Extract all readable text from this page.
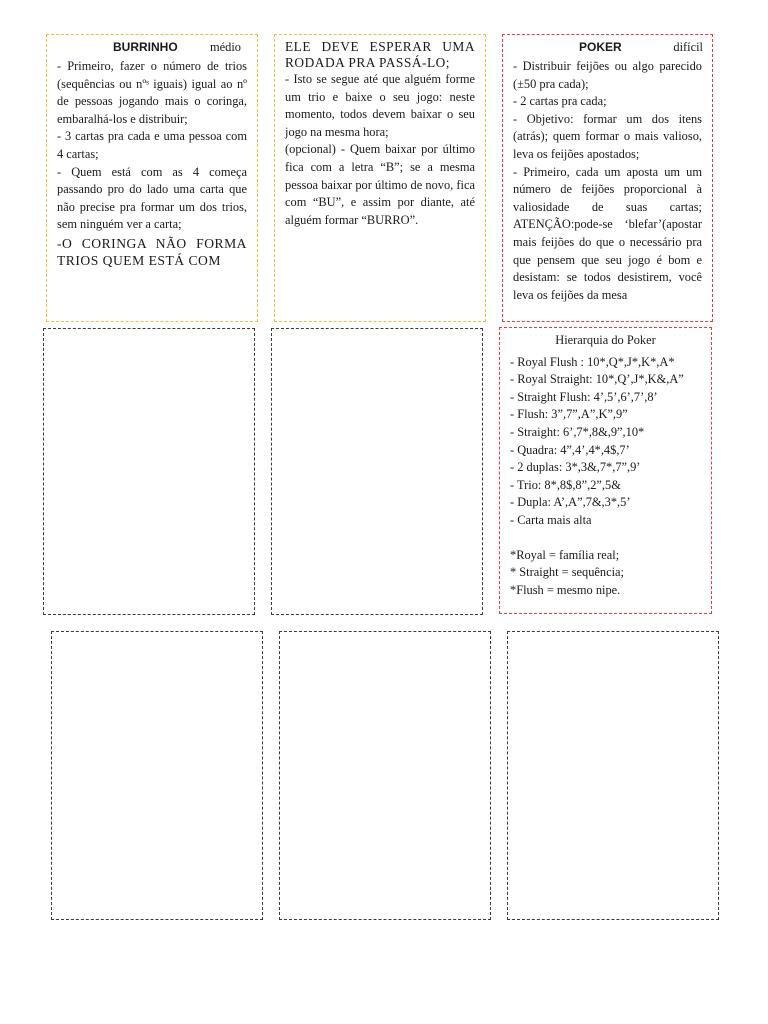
BURRINHO	médio

- Primeiro, fazer o número de trios (sequências ou nºˢ iguais) igual ao nº de pessoas jogando mais o coringa, embaralhá-los e distribuir;

- 3 cartas pra cada e uma pessoa com 4 cartas;

- Quem está com as 4 começa passando pro do lado uma carta que não precise pra formar um dos trios, sem ninguém ver a carta;

-O CORINGA NÃO FORMA TRIOS QUEM ESTÁ COM

ELE DEVE ESPERAR UMA RODADA PRA PASSÁ-LO;

- Isto se segue até que alguém forme um trio e baixe o seu jogo: neste momento, todos devem baixar o seu jogo na mesma hora;

(opcional) - Quem baixar por último fica com a letra “B”; se a mesma pessoa baixar por último de novo, fica com “BU”, e assim por diante, até alguém formar “BURRO”.

POKER	difícil

- Distribuir feijões ou algo parecido (±50 pra cada);

- 2 cartas pra cada;

- Objetivo: formar um dos itens (atrás); quem formar o mais valioso, leva os feijões apostados;

- Primeiro, cada um aposta um um número de feijões proporcional à valiosidade de suas cartas; ATENÇÃO:pode-se ‘blefar’(apostar mais feijões do que o necessário pra que pensem que seu jogo é bom e desistam: se todos desistirem, você leva os feijões da mesa

Hierarquia do Poker
- Royal Flush : 10*,Q*,J*,K*,A*
- Royal Straight: 10*,Q’,J*,K&,A”
- Straight Flush: 4’,5’,6’,7’,8’
- Flush: 3”,7”,A”,K”,9”
- Straight: 6’,7*,8&,9”,10*
- Quadra: 4”,4’,4*,4$,7’
- 2 duplas: 3*,3&,7*,7”,9’
- Trio: 8*,8$,8”,2”,5&
- Dupla: A’,A”,7&,3*,5’
- Carta mais alta
*Royal = família real;
* Straight = sequência;
*Flush = mesmo nipe.
